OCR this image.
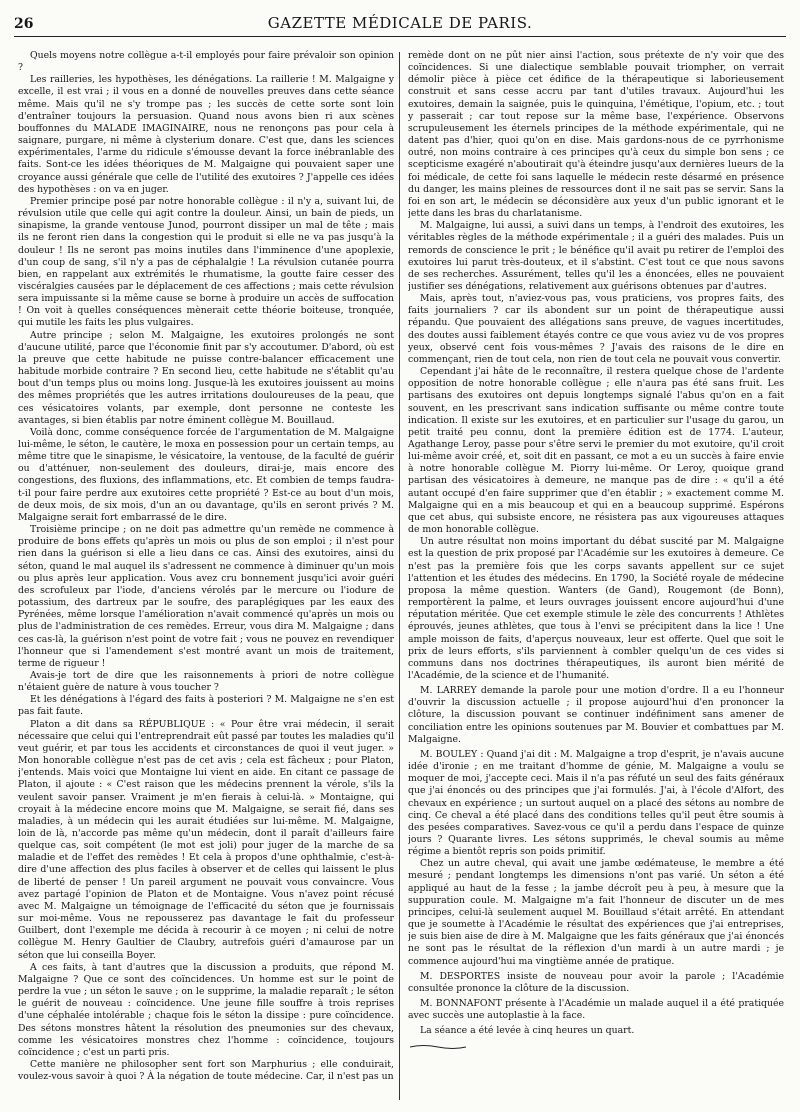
26	GAZETTE MÉDICALE DE PARIS.

Quels moyens notre collègue a-t-il employés pour faire prévaloir son opinion ?

Les railleries, les hypothèses, les dénégations. La raillerie ! M. Malgaigne y excelle, il est vrai ; il vous en a donné de nouvelles preuves dans cette séance même. Mais qu'il ne s'y trompe pas ; les succès de cette sorte sont loin d'entraîner toujours la persuasion. Quand nous avons bien ri aux scènes bouffonnes du MALADE IMAGINAIRE, nous ne renonçons pas pour cela à saignare, purgare, ni même à clysterium donare. C'est que, dans les sciences expérimentales, l'arme du ridicule s'émousse devant la force inébranlable des faits. Sont-ce les idées théoriques de M. Malgaigne qui pouvaient saper une croyance aussi générale que celle de l'utilité des exutoires ? J'appelle ces idées des hypothèses : on va en juger.

Premier principe posé par notre honorable collègue : il n'y a, suivant lui, de révulsion utile que celle qui agit contre la douleur. Ainsi, un bain de pieds, un sinapisme, la grande ventouse Junod, pourront dissiper un mal de tête ; mais ils ne feront rien dans la congestion qui le produit si elle ne va pas jusqu'à la douleur ! Ils ne seront pas moins inutiles dans l'imminence d'une apoplexie, d'un coup de sang, s'il n'y a pas de céphalalgie ! La révulsion cutanée pourra bien, en rappelant aux extrémités le rhumatisme, la goutte faire cesser des viscéralgies causées par le déplacement de ces affections ; mais cette révulsion sera impuissante si la même cause se borne à produire un accès de suffocation ! On voit à quelles conséquences mènerait cette théorie boiteuse, tronquée, qui mutile les faits les plus vulgaires.

Autre principe ; selon M. Malgaigne, les exutoires prolongés ne sont d'aucune utilité, parce que l'économie finit par s'y accoutumer. D'abord, où est la preuve que cette habitude ne puisse contre-balancer efficacement une habitude morbide contraire ? En second lieu, cette habitude ne s'établit qu'au bout d'un temps plus ou moins long. Jusque-là les exutoires jouissent au moins des mêmes propriétés que les autres irritations douloureuses de la peau, que ces vésicatoires volants, par exemple, dont personne ne conteste les avantages, si bien établis par notre éminent collègue M. Bouillaud.

Voilà donc, comme conséquence forcée de l'argumentation de M. Malgaigne lui-même, le séton, le cautère, le moxa en possession pour un certain temps, au même titre que le sinapisme, le vésicatoire, la ventouse, de la faculté de guérir ou d'atténuer, non-seulement des douleurs, dirai-je, mais encore des congestions, des fluxions, des inflammations, etc. Et combien de temps faudra-t-il pour faire perdre aux exutoires cette propriété ? Est-ce au bout d'un mois, de deux mois, de six mois, d'un an ou davantage, qu'ils en seront privés ? M. Malgaigne serait fort embarrassé de le dire.

Troisième principe ; on ne doit pas admettre qu'un remède ne commence à produire de bons effets qu'après un mois ou plus de son emploi ; il n'est pour rien dans la guérison si elle a lieu dans ce cas. Ainsi des exutoires, ainsi du séton, quand le mal auquel ils s'adressent ne commence à diminuer qu'un mois ou plus après leur application. Vous avez cru bonnement jusqu'ici avoir guéri des scrofuleux par l'iode, d'anciens vérolés par le mercure ou l'iodure de potassium, des dartreux par le soufre, des paraplégiques par les eaux des Pyrénées, même lorsque l'amélioration n'avait commencé qu'après un mois ou plus de l'administration de ces remèdes. Erreur, vous dira M. Malgaigne ; dans ces cas-là, la guérison n'est point de votre fait ; vous ne pouvez en revendiquer l'honneur que si l'amendement s'est montré avant un mois de traitement, terme de rigueur !

Avais-je tort de dire que les raisonnements à priori de notre collègue n'étaient guère de nature à vous toucher ?

Et les dénégations à l'égard des faits à posteriori ? M. Malgaigne ne s'en est pas fait faute.

Platon a dit dans sa RÉPUBLIQUE : « Pour être vrai médecin, il serait nécessaire que celui qui l'entreprendrait eût passé par toutes les maladies qu'il veut guérir, et par tous les accidents et circonstances de quoi il veut juger. » Mon honorable collègue n'est pas de cet avis ; cela est fâcheux ; pour Platon, j'entends. Mais voici que Montaigne lui vient en aide. En citant ce passage de Platon, il ajoute : « C'est raison que les médecins prennent la vérole, s'ils la veulent savoir panser. Vraiment je m'en fierais à celui-là. » Montaigne, qui croyait à la médecine encore moins que M. Malgaigne, se serait fié, dans ses maladies, à un médecin qui les aurait étudiées sur lui-même. M. Malgaigne, loin de là, n'accorde pas même qu'un médecin, dont il paraît d'ailleurs faire quelque cas, soit compétent (le mot est joli) pour juger de la marche de sa maladie et de l'effet des remèdes ! Et cela à propos d'une ophthalmie, c'est-à-dire d'une affection des plus faciles à observer et de celles qui laissent le plus de liberté de penser ! Un pareil argument ne pouvait vous convaincre. Vous avez partagé l'opinion de Platon et de Montaigne. Vous n'avez point récusé avec M. Malgaigne un témoignage de l'efficacité du séton que je fournissais sur moi-même. Vous ne repousserez pas davantage le fait du professeur Guilbert, dont l'exemple me décida à recourir à ce moyen ; ni celui de notre collègue M. Henry Gaultier de Claubry, autrefois guéri d'amaurose par un séton que lui conseilla Boyer.

A ces faits, à tant d'autres que la discussion a produits, que répond M. Malgaigne ? Que ce sont des coïncidences. Un homme est sur le point de perdre la vue ; un séton le sauve ; on le supprime, la maladie reparaît ; le séton le guérit de nouveau : coïncidence. Une jeune fille souffre à trois reprises d'une céphalée intolérable ; chaque fois le séton la dissipe : pure coïncidence. Des sétons monstres hâtent la résolution des pneumonies sur des chevaux, comme les vésicatoires monstres chez l'homme : coïncidence, toujours coïncidence ; c'est un parti pris.

Cette manière ne philosopher sent fort son Marphurius ; elle conduirait, voulez-vous savoir à quoi ? À la négation de toute médecine. Car, il n'est pas un

remède dont on ne pût nier ainsi l'action, sous prétexte de n'y voir que des coïncidences. Si une dialectique semblable pouvait triompher, on verrait démolir pièce à pièce cet édifice de la thérapeutique si laborieusement construit et sans cesse accru par tant d'utiles travaux. Aujourd'hui les exutoires, demain la saignée, puis le quinquina, l'émétique, l'opium, etc. ; tout y passerait ; car tout repose sur la même base, l'expérience. Observons scrupuleusement les éternels principes de la méthode expérimentale, qui ne datent pas d'hier, quoi qu'on en dise. Mais gardons-nous de ce pyrrhonisme outré, non moins contraire à ces principes qu'à ceux du simple bon sens ; ce scepticisme exagéré n'aboutirait qu'à éteindre jusqu'aux dernières lueurs de la foi médicale, de cette foi sans laquelle le médecin reste désarmé en présence du danger, les mains pleines de ressources dont il ne sait pas se servir. Sans la foi en son art, le médecin se déconsidère aux yeux d'un public ignorant et le jette dans les bras du charlatanisme.

M. Malgaigne, lui aussi, a suivi dans un temps, à l'endroit des exutoires, les véritables règles de la méthode expérimentale ; il a guéri des malades. Puis un remords de conscience le prit ; le bénéfice qu'il avait pu retirer de l'emploi des exutoires lui parut très-douteux, et il s'abstint. C'est tout ce que nous savons de ses recherches. Assurément, telles qu'il les a énoncées, elles ne pouvaient justifier ses dénégations, relativement aux guérisons obtenues par d'autres.

Mais, après tout, n'aviez-vous pas, vous praticiens, vos propres faits, des faits journaliers ? car ils abondent sur un point de thérapeutique aussi répandu. Que pouvaient des allégations sans preuve, de vagues incertitudes, des doutes aussi faiblement étayés contre ce que vous aviez vu de vos propres yeux, observé cent fois vous-mêmes ? J'avais des raisons de le dire en commençant, rien de tout cela, non rien de tout cela ne pouvait vous convertir.

Cependant j'ai hâte de le reconnaître, il restera quelque chose de l'ardente opposition de notre honorable collègue ; elle n'aura pas été sans fruit. Les partisans des exutoires ont depuis longtemps signalé l'abus qu'on en a fait souvent, en les prescrivant sans indication suffisante ou même contre toute indication. Il existe sur les exutoires, et en particulier sur l'usage du garou, un petit traité peu connu, dont la première édition est de 1774. L'auteur, Agathange Leroy, passe pour s'être servi le premier du mot exutoire, qu'il croit lui-même avoir créé, et, soit dit en passant, ce mot a eu un succès à faire envie à notre honorable collègue M. Piorry lui-même. Or Leroy, quoique grand partisan des vésicatoires à demeure, ne manque pas de dire : « qu'il a été autant occupé d'en faire supprimer que d'en établir ; » exactement comme M. Malgaigne qui en a mis beaucoup et qui en a beaucoup supprimé. Espérons que cet abus, qui subsiste encore, ne résistera pas aux vigoureuses attaques de mon honorable collègue.

Un autre résultat non moins important du débat suscité par M. Malgaigne est la question de prix proposé par l'Académie sur les exutoires à demeure. Ce n'est pas la première fois que les corps savants appellent sur ce sujet l'attention et les études des médecins. En 1790, la Société royale de médecine proposa la même question. Wanters (de Gand), Rougemont (de Bonn), remportèrent la palme, et leurs ouvrages jouissent encore aujourd'hui d'une réputation méritée. Que cet exemple stimule le zèle des concurrents ! Athlètes éprouvés, jeunes athlètes, que tous à l'envi se précipitent dans la lice ! Une ample moisson de faits, d'aperçus nouveaux, leur est offerte. Quel que soit le prix de leurs efforts, s'ils parviennent à combler quelqu'un de ces vides si communs dans nos doctrines thérapeutiques, ils auront bien mérité de l'Académie, de la science et de l'humanité.

M. LARREY demande la parole pour une motion d'ordre. Il a eu l'honneur d'ouvrir la discussion actuelle ; il propose aujourd'hui d'en prononcer la clôture, la discussion pouvant se continuer indéfiniment sans amener de conciliation entre les opinions soutenues par M. Bouvier et combattues par M. Malgaigne.

M. BOULEY : Quand j'ai dit : M. Malgaigne a trop d'esprit, je n'avais aucune idée d'ironie ; en me traitant d'homme de génie, M. Malgaigne a voulu se moquer de moi, j'accepte ceci. Mais il n'a pas réfuté un seul des faits généraux que j'ai énoncés ou des principes que j'ai formulés. J'ai, à l'école d'Alfort, des chevaux en expérience ; un surtout auquel on a placé des sétons au nombre de cinq. Ce cheval a été placé dans des conditions telles qu'il peut être soumis à des pesées comparatives. Savez-vous ce qu'il a perdu dans l'espace de quinze jours ? Quarante livres. Les sétons supprimés, le cheval soumis au même régime a bientôt repris son poids primitif.

Chez un autre cheval, qui avait une jambe œdémateuse, le membre a été mesuré ; pendant longtemps les dimensions n'ont pas varié. Un séton a été appliqué au haut de la fesse ; la jambe décroît peu à peu, à mesure que la suppuration coule. M. Malgaigne m'a fait l'honneur de discuter un de mes principes, celui-là seulement auquel M. Bouillaud s'était arrêté. En attendant que je soumette à l'Académie le résultat des expériences que j'ai entreprises, je suis bien aise de dire à M. Malgaigne que les faits généraux que j'ai énoncés ne sont pas le résultat de la réflexion d'un mardi à un autre mardi ; je commence aujourd'hui ma vingtième année de pratique.

M. DESPORTES insiste de nouveau pour avoir la parole ; l'Académie consultée prononce la clôture de la discussion.

M. BONNAFONT présente à l'Académie un malade auquel il a été pratiquée avec succès une autoplastie à la face.

La séance a été levée à cinq heures un quart.
